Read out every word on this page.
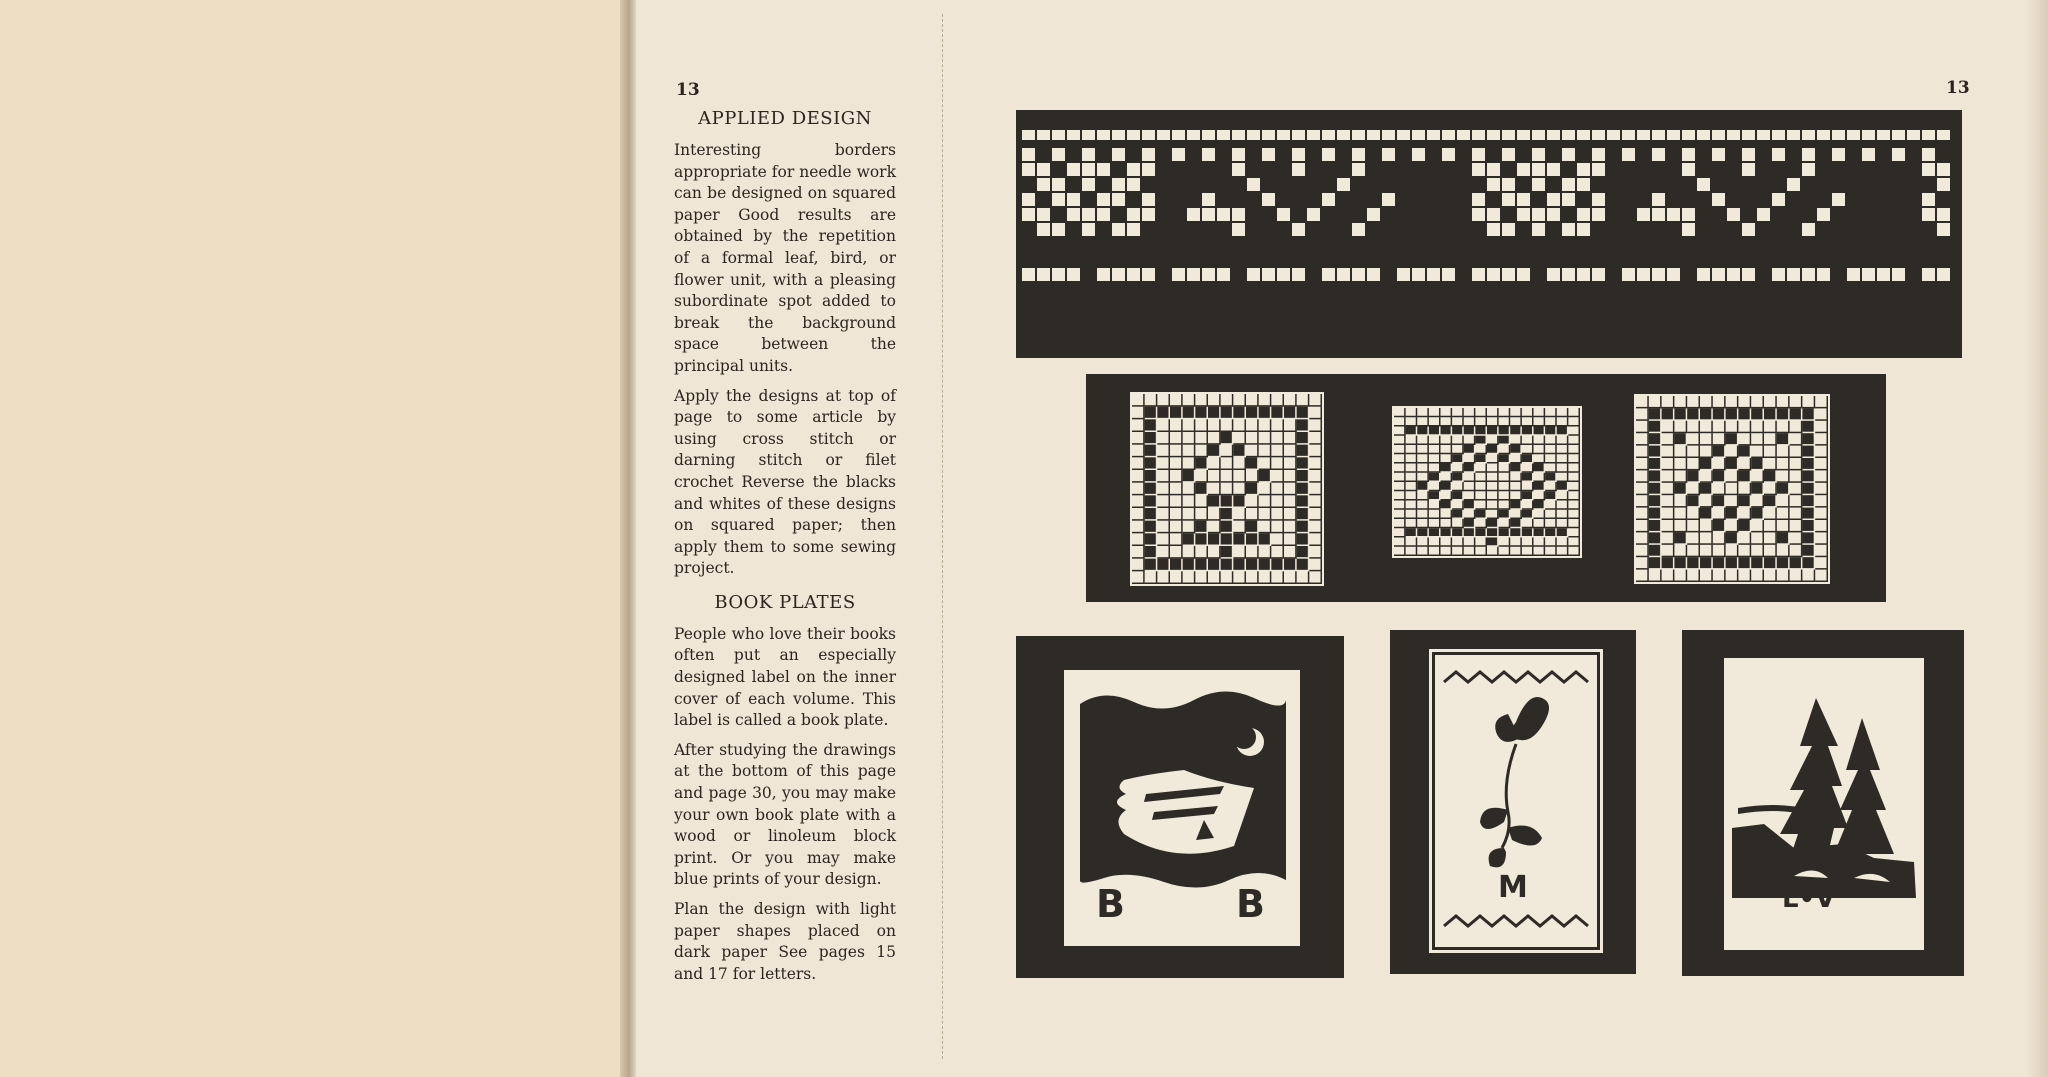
13	13
APPLIED DESIGN

Interesting borders appropriate for needle work can be designed on squared paper Good results are obtained by the repetition of a formal leaf, bird, or flower unit, with a pleasing subordinate spot added to break the background space between the principal units.

Apply the designs at top of page to some article by using cross stitch or darning stitch or filet crochet Reverse the blacks and whites of these designs on squared paper; then apply them to some sewing project.

BOOK PLATES

People who love their books often put an especially designed label on the inner cover of each volume. This label is called a book plate.

After studying the drawings at the bottom of this page and page 30, you may make your own book plate with a wood or linoleum block print. Or you may make blue prints of your design.

Plan the design with light paper shapes placed on dark paper See pages 15 and 17 for letters.

B	B	M	L•V
